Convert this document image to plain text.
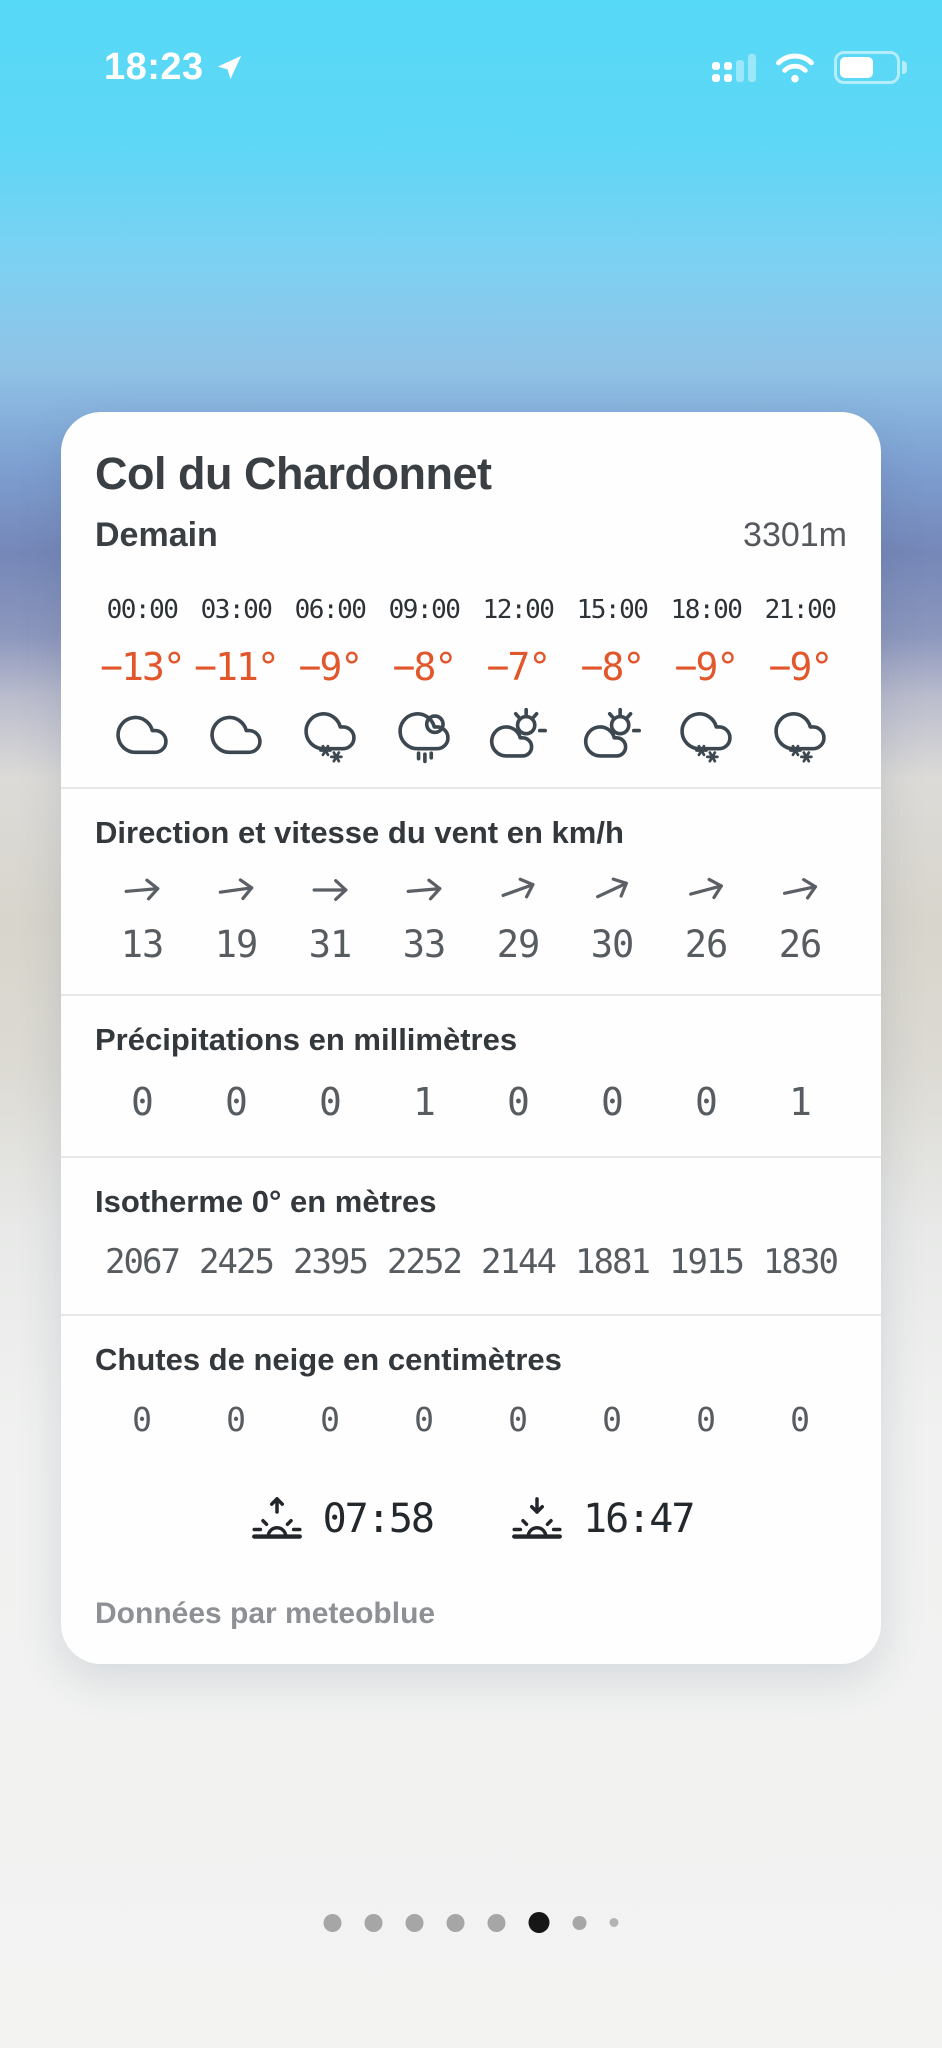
18:23
Col du Chardonnet
Demain	3301m
00:00 03:00 06:00 09:00 12:00 15:00 18:00 21:00
−13° −11° −9° −8° −7° −8° −9° −9°
Direction et vitesse du vent en km/h
13	19	31	33	29	30	26	26
Précipitations en millimètres
0	0	0	1	0	0	0	1
Isotherme 0° en mètres
2067 2425 2395 2252 2144 1881 1915 1830
Chutes de neige en centimètres
0	0	0	0	0	0	0	0
07:58	16:47
Données par meteoblue
